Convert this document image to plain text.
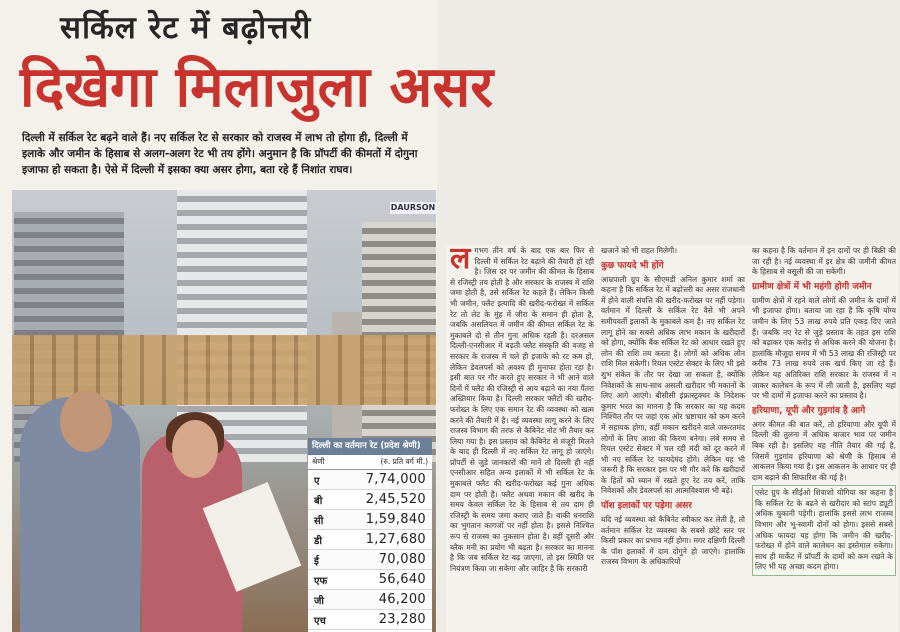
सर्किल रेट में बढ़ोत्तरी
दिखेगा मिलाजुला असर
दिल्ली में सर्किल रेट बढ़ने वाले हैं। नए सर्किल रेट से सरकार को राजस्व में लाभ तो होगा ही, दिल्ली में इलाके और जमीन के हिसाब से अलग-अलग रेट भी तय होंगे। अनुमान है कि प्रॉपर्टी की कीमतों में दोगुना इजाफा हो सकता है। ऐसे में दिल्ली में इसका क्या असर होगा, बता रहे हैं निशांत राघव।
DAURSON
दिल्ली का वर्तमान रेट (प्रदेश श्रेणी)
श्रेणी	(रु. प्रति वर्ग मी.)
ए	7,74,000
बी	2,45,520
सी	1,59,840
डी	1,27,680
ई	70,080
एफ	56,640
जी	46,200
एच	23,280
ल गभग तीन वर्ष के बाद एक बार फिर से दिल्ली में सर्किल रेट बढ़ाने की तैयारी हो रही है। जिस दर पर जमीन की कीमत के हिसाब से रजिस्ट्री तय होती है और सरकार के राजस्व में राशि जमा होती है, उसे सर्किल रेट कहते हैं। लेकिन किसी भी जमीन, फ्लैट इत्यादि की खरीद-फरोख्त में सर्किल रेट तो लेट के मुंह में जीरा के समान ही होता है, जबकि असलियत में जमीन की कीमत सर्किल रेट के मुकाबले दो से तीन गुना अधिक रहती है। दरअसल दिल्ली-एनसीआर में बढ़ती फ्लैट संस्कृति की वजह से सरकार के राजस्व में चले ही इजाफे को रट कम हो, लेकिन डेवलपर्स को अवश्य ही मुनाफा होता रहा है। इसी बात पर गौर करते हुए सरकार ने भी आने वाले दिनों में फ्लैट की रजिस्ट्री से आय बढ़ाने का नया पैंतरा अख्तियार किया है। दिल्ली सरकार फ्लैटों की खरीद-फरोख्त के लिए एक समान रेट की व्यवस्था को खत्म करने की तैयारी में है। नई व्यवस्था लागू करने के लिए राजस्व विभाग की तरफ से कैबिनेट नोट भी तैयार कर लिया गया है। इस प्रस्ताव को कैबिनेट से मंजूरी मिलने के बाद ही दिल्ली में नए सर्किल रेट लागू हो जाएंगे। प्रॉपर्टी से जुड़े जानकारों की मानें तो दिल्ली ही नहीं एनसीआर सहित अन्य इलाकों में भी सर्किल रेट के मुकाबले फ्लैट की खरीद-फरोख्त कई गुना अधिक दाम पर होती है। फ्लैट अथवा मकान की खरीद के समय केवल सर्किल रेट के हिसाब से तय दाम ही रजिस्ट्री के समय जमा कराए जाते हैं। बाकी धनराशि का भुगतान कागजों पर नहीं होता है। इससे निश्चित रूप से राजस्व का नुकसान होता है। वहीं दूसरी ओर ब्लैक मनी का प्रयोग भी बढ़ता है। सरकार का मानना है कि जब सर्किल रेट बढ़ जाएगा, तो इस स्थिति पर नियंत्रण किया जा सकेगा और जाहिर है कि सरकारी

खजाने को भी राहत मिलेगी।

कुछ फायदे भी होंगे

आम्रपाली ग्रुप के सीएमडी अनिल कुमार शर्मा का कहना है कि सर्किल रेट में बढ़ोत्तरी का असर राजधानी में होने वाली संपत्ति की खरीद-फरोख्त पर नहीं पड़ेगा। वर्तमान में दिल्ली के सर्किल रेट वैसे भी अपने समीपवर्ती इलाकों के मुकाबले कम है। नए सर्किल रेट लागू होने का सबसे अधिक लाभ मकान के खरीदारों को होगा, क्योंकि बैंक सर्किल रेट को आधार रखते हुए लोन की राशि तय करता है। लोगों को अधिक लोन राशि मिल सकेगी। रियल एस्टेट सेक्टर के लिए भी इसे शुभ संकेत के तौर पर देखा जा सकता है, क्योंकि निवेशकों के साथ-साथ असली खरीदार भी मकानों के लिए आगे आएंगे। बीसीसी इंफ्रास्ट्रक्चर के निदेशक कुमार भरत का मानना है कि सरकार का यह कदम निश्चित तौर पर जहां एक ओर भ्रष्टाचार को कम करने में सहायक होगा, वहीं मकान खरीदने वाले जरूरतमंद लोगों के लिए आशा की किरण बनेगा। लंबे समय से रियल एस्टेट सेक्टर में चल रही मंदी को दूर करने में भी नए सर्किल रेट फायदेमंद होंगे। लेकिन यह भी जरूरी है कि सरकार इस पर भी गौर करे कि खरीदारों के हितों को ध्यान में रखते हुए रेट तय करें, ताकि निवेशकों और डेवलपर्स का आत्मविश्वास भी बढ़े।

पॉश इलाकों पर पड़ेगा असर

यदि नई व्यवस्था को कैबिनेट स्वीकार कर लेती है, तो वर्तमान सर्किल रेट व्यवस्था के सबसे छोटे स्तर पर किसी प्रकार का प्रभाव नहीं होगा। मगर दक्षिणी दिल्ली के पॉश इलाकों में दाम दोगुने हो जाएंगे। हालांकि राजस्व विभाग के अधिकारियों

का कहना है कि वर्तमान में इन दामों पर ही बिक्री की जा रही है। नई व्यवस्था में इर क्षेत्र की जमीनी कीमत के हिसाब से वसूली की जा सकेगी।

ग्रामीण क्षेत्रों में भी महंगी होगी जमीन

ग्रामीण क्षेत्रों में रहने वाले लोगों की जमीन के दामों में भी इजाफा होगा। बताया जा रहा है कि कृषि योग्य जमीन के लिए 53 लाख रुपये प्रति एकड़ दिए जाते हैं। जबकि नए रेट से जुड़े प्रस्ताव के तहत इस राशि को बढ़ाकर एक करोड़ से अधिक करने की योजना है। हालांकि मौजूदा समय में भी 53 लाख की रजिस्ट्री पर करीब 73 लाख रुपये तक खर्च किए जा रहे हैं। लेकिन यह अतिरिक्त राशि सरकार के राजस्व में न जाकर कालेधन के रूप में ली जाती है, इसलिए यहां पर भी दामों में इजाफा करने का प्रस्ताव है।

हरियाणा, यूपी और गुड़गांव है आगे

अगर कीमत की बात करें, तो हरियाणा और यूपी में दिल्ली की तुलना में अधिक बाजार भाव पर जमीन बिक रही है। इसलिए यह नीति तैयार की गई है, जिसमें गुड़गांव हरियाणा को श्रेणी के हिसाब से आकलन किया गया है। इस आकलन के आधार पर ही दाम बढ़ाने की सिफारिश की गई है।

एसेट ग्रुप के सीईओ शिवाशो योगिया का कहना है कि सर्किल रेट के बढ़ने से खरीदार को स्टांप ड्यूटी अधिक चुकानी पड़ेगी। हालांकि इससे लाभ राजस्व विभाग और भू-स्वामी दोनों को होगा। इससे सबसे अधिक फायदा यह होगा कि जमीन की खरीद-फरोख्त में होने वाले कालेधन का इस्तेमाल रुकेगा। साथ ही मार्केट में प्रॉपर्टी के दामों को कम रखने के लिए भी यह अच्छा कदम होगा।
